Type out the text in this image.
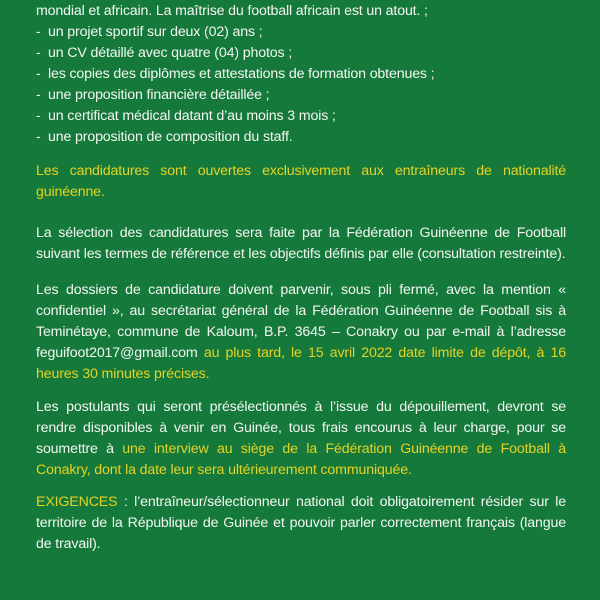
mondial et africain. La maîtrise du football africain est un atout. ;

- un projet sportif sur deux (02) ans ;
- un CV détaillé avec quatre (04) photos ;
- les copies des diplômes et attestations de formation obtenues ;
- une proposition financière détaillée ;
- un certificat médical datant d’au moins 3 mois ;
- une proposition de composition du staff.

Les candidatures sont ouvertes exclusivement aux entraîneurs de nationalité guinéenne.

La sélection des candidatures sera faite par la Fédération Guinéenne de Football suivant les termes de référence et les objectifs définis par elle (consultation restreinte).

Les dossiers de candidature doivent parvenir, sous pli fermé, avec la mention « confidentiel », au secrétariat général de la Fédération Guinéenne de Football sis à Teminétaye, commune de Kaloum, B.P. 3645 – Conakry ou par e-mail à l’adresse feguifoot2017@gmail.com au plus tard, le 15 avril 2022 date limite de dépôt, à 16 heures 30 minutes précises.

Les postulants qui seront présélectionnés à l’issue du dépouillement, devront se rendre disponibles à venir en Guinée, tous frais encourus à leur charge, pour se soumettre à une interview au siège de la Fédération Guinéenne de Football à Conakry, dont la date leur sera ultérieurement communiquée.

EXIGENCES : l’entraîneur/sélectionneur national doit obligatoirement résider sur le territoire de la République de Guinée et pouvoir parler correctement français (langue de travail).
